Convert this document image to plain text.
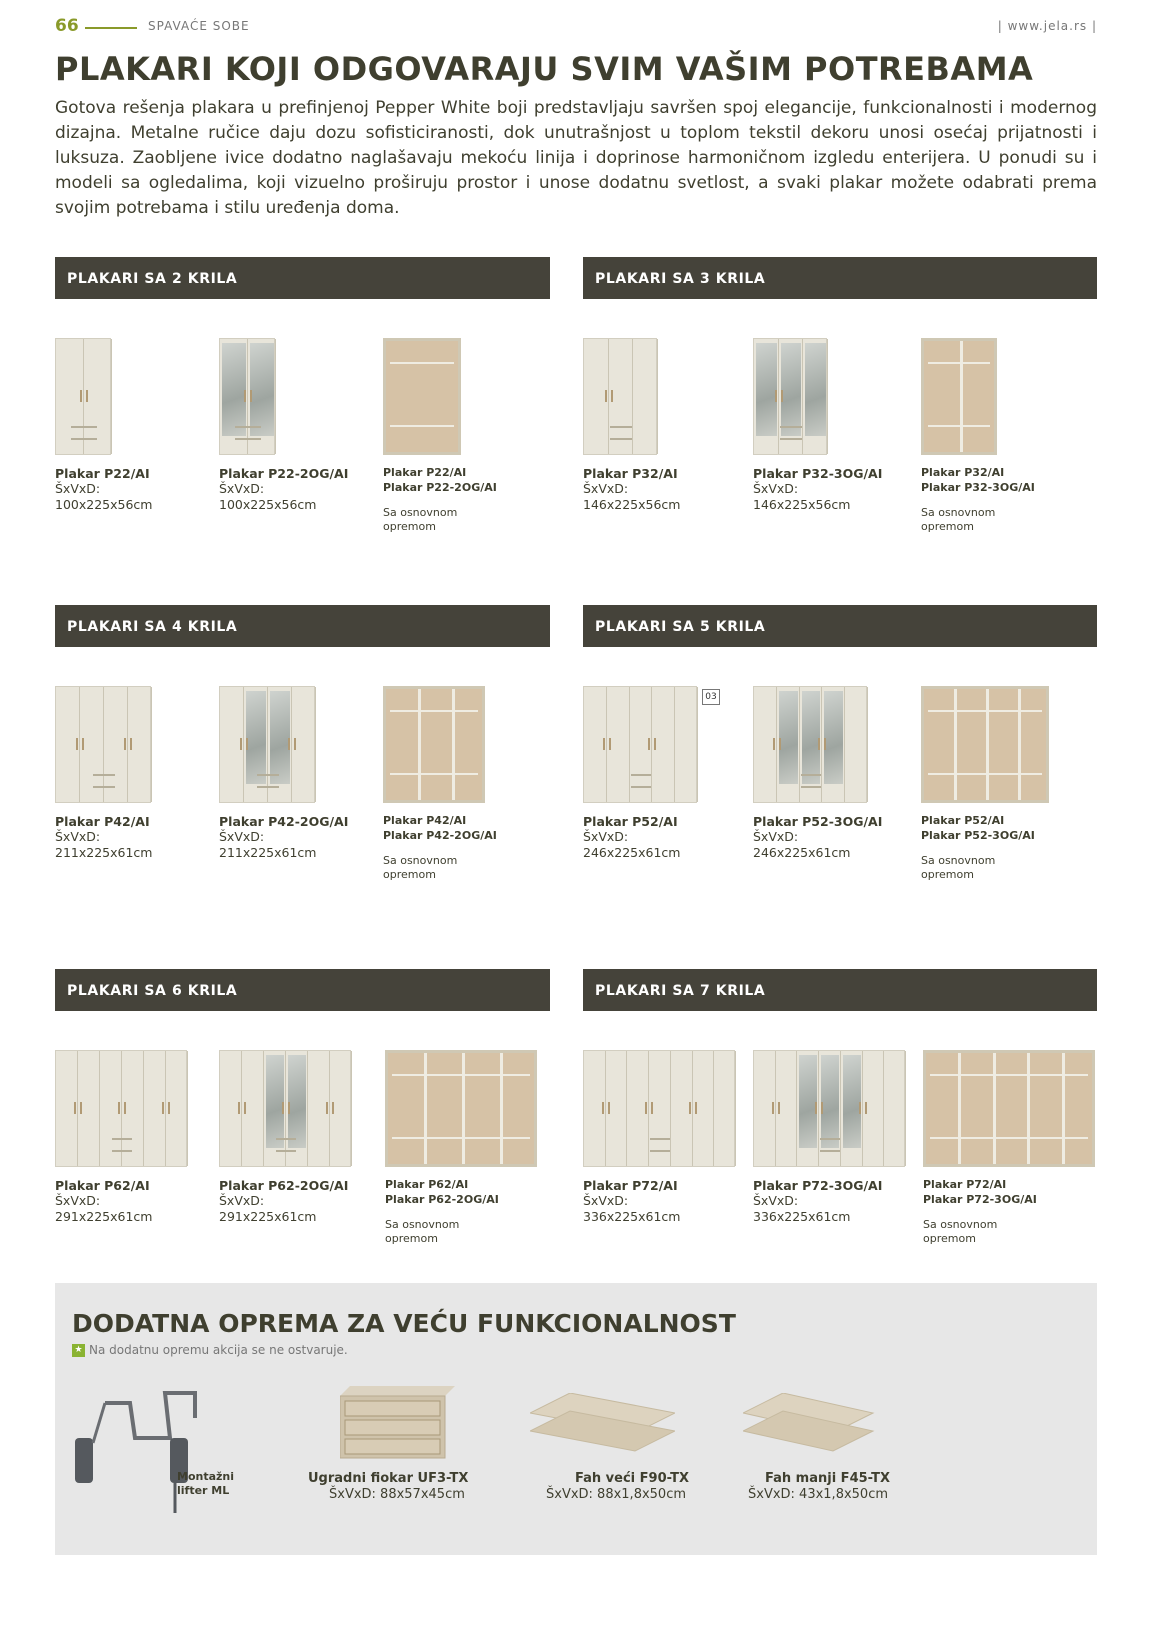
66	SPAVAĆE SOBE	| www.jela.rs |
PLAKARI KOJI ODGOVARAJU SVIM VAŠIM POTREBAMA

Gotova rešenja plakara u prefinjenoj Pepper White boji predstavljaju savršen spoj elegancije, funkcionalnosti i modernog dizajna. Metalne ručice daju dozu sofisticiranosti, dok unutrašnjost u toplom tekstil dekoru unosi osećaj prijatnosti i luksuza. Zaobljene ivice dodatno naglašavaju mekoću linija i doprinose harmoničnom izgledu enterijera. U ponudi su i modeli sa ogledalima, koji vizuelno proširuju prostor i unose dodatnu svetlost, a svaki plakar možete odabrati prema svojim potrebama i stilu uređenja doma.

03
PLAKARI SA 2 KRILA	PLAKARI SA 3 KRILA
PLAKARI SA 4 KRILA	PLAKARI SA 5 KRILA
PLAKARI SA 6 KRILA	PLAKARI SA 7 KRILA
DODATNA OPREMA ZA VEĆU FUNKCIONALNOST
★ Na dodatnu opremu akcija se ne ostvaruje.
Montažni lifter ML
Ugradni fiokar UF3-TX
ŠxVxD: 88x57x45cm
Fah veći F90-TX
ŠxVxD: 88x1,8x50cm
Fah manji F45-TX
ŠxVxD: 43x1,8x50cm
Plakar P22/AI
ŠxVxD:
100x225x56cm
Plakar P22-2OG/AI
ŠxVxD:
100x225x56cm
Plakar P22/AI
Plakar P22-2OG/AI
Sa osnovnom opremom
Plakar P32/AI
ŠxVxD:
146x225x56cm
Plakar P32-3OG/AI
ŠxVxD:
146x225x56cm
Plakar P32/AI
Plakar P32-3OG/AI
Sa osnovnom opremom
Plakar P42/AI
ŠxVxD:
211x225x61cm
Plakar P42-2OG/AI
ŠxVxD:
211x225x61cm
Plakar P42/AI
Plakar P42-2OG/AI
Sa osnovnom opremom
Plakar P52/AI
ŠxVxD:
246x225x61cm
Plakar P52-3OG/AI
ŠxVxD:
246x225x61cm
Plakar P52/AI
Plakar P52-3OG/AI
Sa osnovnom opremom
Plakar P62/AI
ŠxVxD:
291x225x61cm
Plakar P62-2OG/AI
ŠxVxD:
291x225x61cm
Plakar P62/AI
Plakar P62-2OG/AI
Sa osnovnom opremom
Plakar P72/AI
ŠxVxD:
336x225x61cm
Plakar P72-3OG/AI
ŠxVxD:
336x225x61cm
Plakar P72/AI
Plakar P72-3OG/AI
Sa osnovnom opremom
